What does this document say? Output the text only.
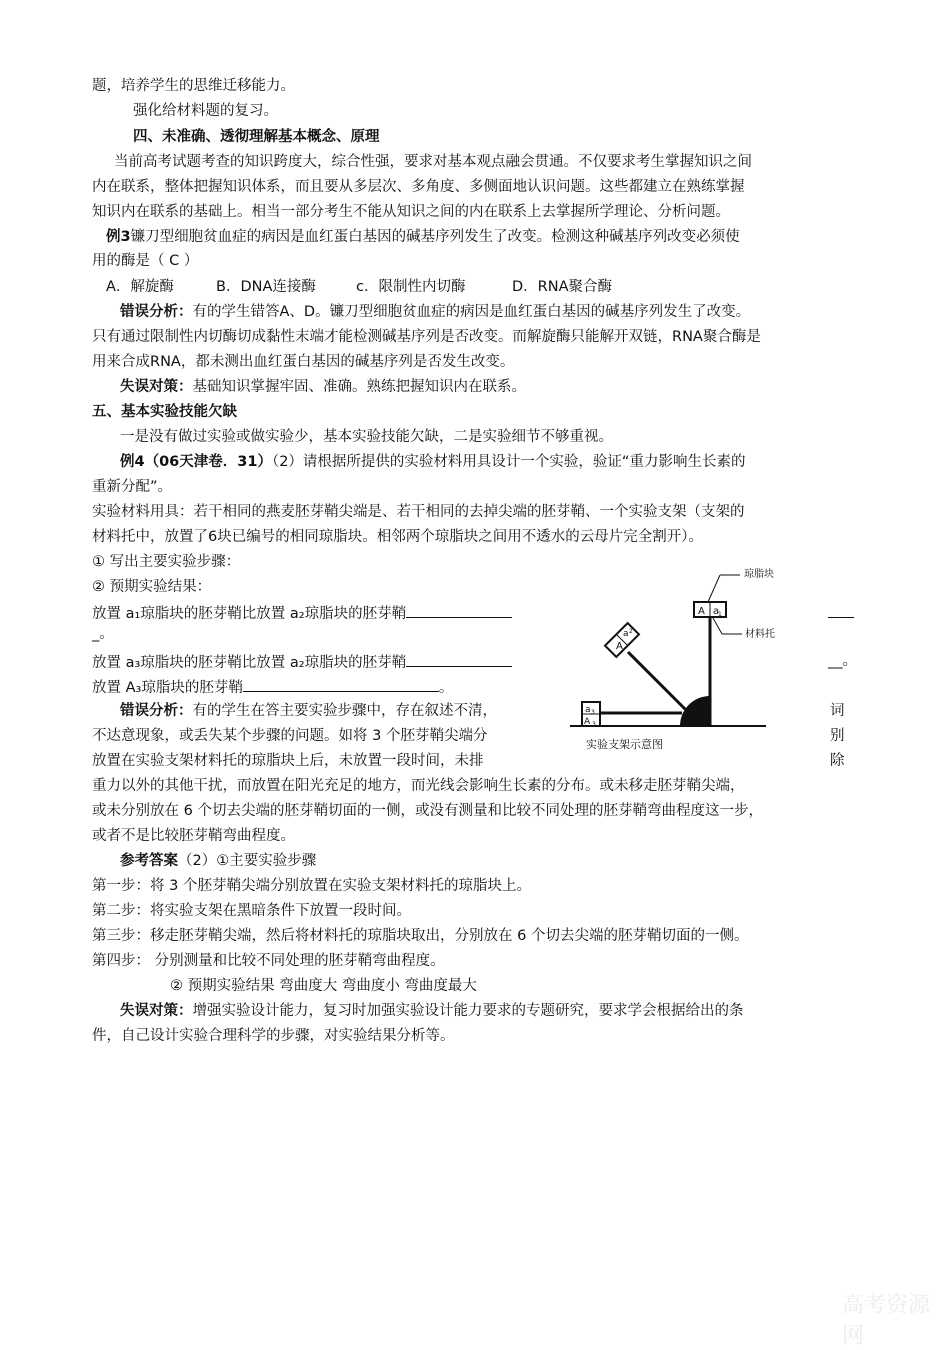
题，培养学生的思维迁移能力。
强化给材料题的复习。
四、未准确、透彻理解基本概念、原理
当前高考试题考查的知识跨度大，综合性强，要求对基本观点融会贯通。不仅要求考生掌握知识之间
内在联系，整体把握知识体系，而且要从多层次、多角度、多侧面地认识问题。这些都建立在熟练掌握
知识内在联系的基础上。相当一部分考生不能从知识之间的内在联系上去掌握所学理论、分析问题。
例3镰刀型细胞贫血症的病因是血红蛋白基因的碱基序列发生了改变。检测这种碱基序列改变必须使
用的酶是（ C ）
A．解旋酶	B．DNA连接酶	c．限制性内切酶	D．RNA聚合酶
错误分析：有的学生错答A、D。镰刀型细胞贫血症的病因是血红蛋白基因的碱基序列发生了改变。
只有通过限制性内切酶切成黏性末端才能检测碱基序列是否改变。而解旋酶只能解开双链，RNA聚合酶是
用来合成RNA，都未测出血红蛋白基因的碱基序列是否发生改变。
失误对策：基础知识掌握牢固、准确。熟练把握知识内在联系。
五、基本实验技能欠缺
一是没有做过实验或做实验少，基本实验技能欠缺，二是实验细节不够重视。
例4（06天津卷．31）（2）请根据所提供的实验材料用具设计一个实验，验证“重力影响生长素的
重新分配”。
实验材料用具：若干相同的燕麦胚芽鞘尖端是、若干相同的去掉尖端的胚芽鞘、一个实验支架（支架的
材料托中，放置了6块已编号的相同琼脂块。相邻两个琼脂块之间用不透水的云母片完全割开）。
① 写出主要实验步骤：
② 预期实验结果：
放置 a₁琼脂块的胚芽鞘比放置 a₂琼脂块的胚芽鞘
_。
放置 a₃琼脂块的胚芽鞘比放置 a₂琼脂块的胚芽鞘	__。
放置 A₃琼脂块的胚芽鞘	。
错误分析：有的学生在答主要实验步骤中，存在叙述不清，	词
不达意现象，或丢失某个步骤的问题。如将 3 个胚芽鞘尖端分	别
放置在实验支架材料托的琼脂块上后，未放置一段时间，未排	除
重力以外的其他干扰，而放置在阳光充足的地方，而光线会影响生长素的分布。或未移走胚芽鞘尖端，
或未分别放在 6 个切去尖端的胚芽鞘切面的一侧，或没有测量和比较不同处理的胚芽鞘弯曲程度这一步，
或者不是比较胚芽鞘弯曲程度。
参考答案（2）①主要实验步骤
第一步：将 3 个胚芽鞘尖端分别放置在实验支架材料托的琼脂块上。
第二步：将实验支架在黑暗条件下放置一段时间。
第三步：移走胚芽鞘尖端，然后将材料托的琼脂块取出，分别放在 6 个切去尖端的胚芽鞘切面的一侧。
第四步： 分别测量和比较不同处理的胚芽鞘弯曲程度。
② 预期实验结果 弯曲度大 弯曲度小 弯曲度最大
失误对策：增强实验设计能力，复习时加强实验设计能力要求的专题研究，要求学会根据给出的条
件，自己设计实验合理科学的步骤，对实验结果分析等。
A a
1
琼脂块
材料托
A
a 2
a 3
A 3
实验支架示意图
高考资源网
